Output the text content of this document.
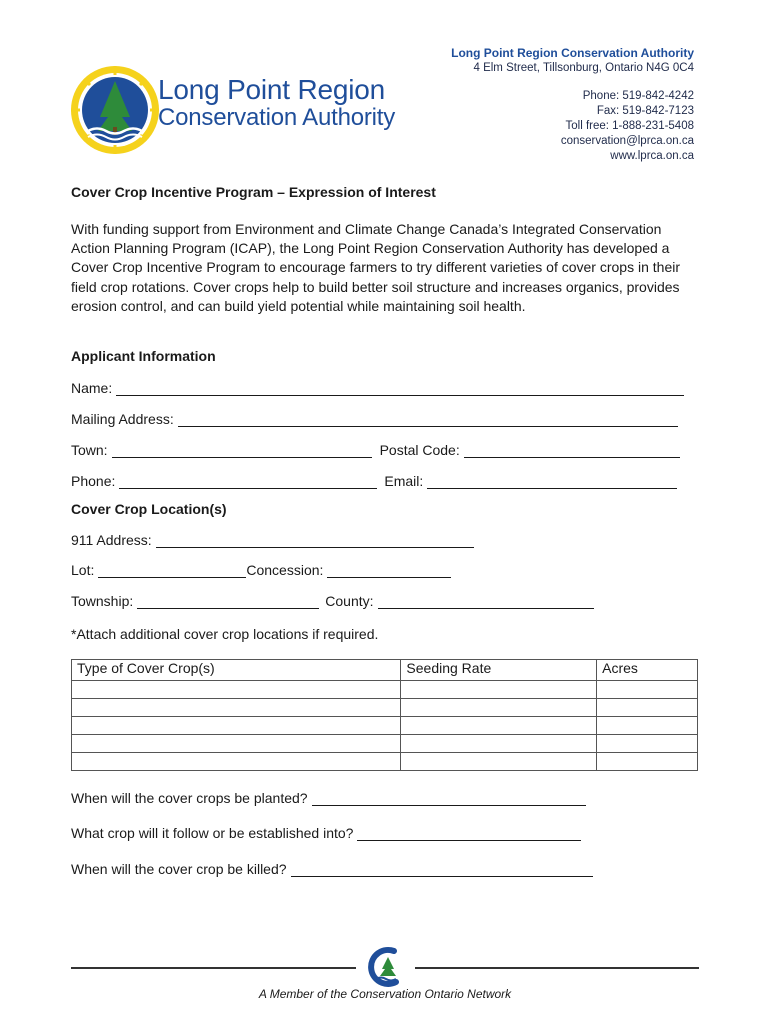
Long Point Region
Conservation Authority
Long Point Region Conservation Authority
4 Elm Street, Tillsonburg, Ontario N4G 0C4
Phone: 519-842-4242
Fax: 519-842-7123
Toll free: 1-888-231-5408
conservation@lprca.on.ca
www.lprca.on.ca
Cover Crop Incentive Program – Expression of Interest
With funding support from Environment and Climate Change Canada’s Integrated Conservation Action Planning Program (ICAP), the Long Point Region Conservation Authority has developed a Cover Crop Incentive Program to encourage farmers to try different varieties of cover crops in their field crop rotations. Cover crops help to build better soil structure and increases organics, provides erosion control, and can build yield potential while maintaining soil health.
Applicant Information
Name:
Mailing Address:
Town:	Postal Code:
Phone:	Email:
Cover Crop Location(s)
911 Address:
Lot:	Concession:
Township:	County:
*Attach additional cover crop locations if required.
Type of Cover Crop(s)	Seeding Rate	Acres

When will the cover crops be planted?
What crop will it follow or be established into?
When will the cover crop be killed?
A Member of the Conservation Ontario Network
